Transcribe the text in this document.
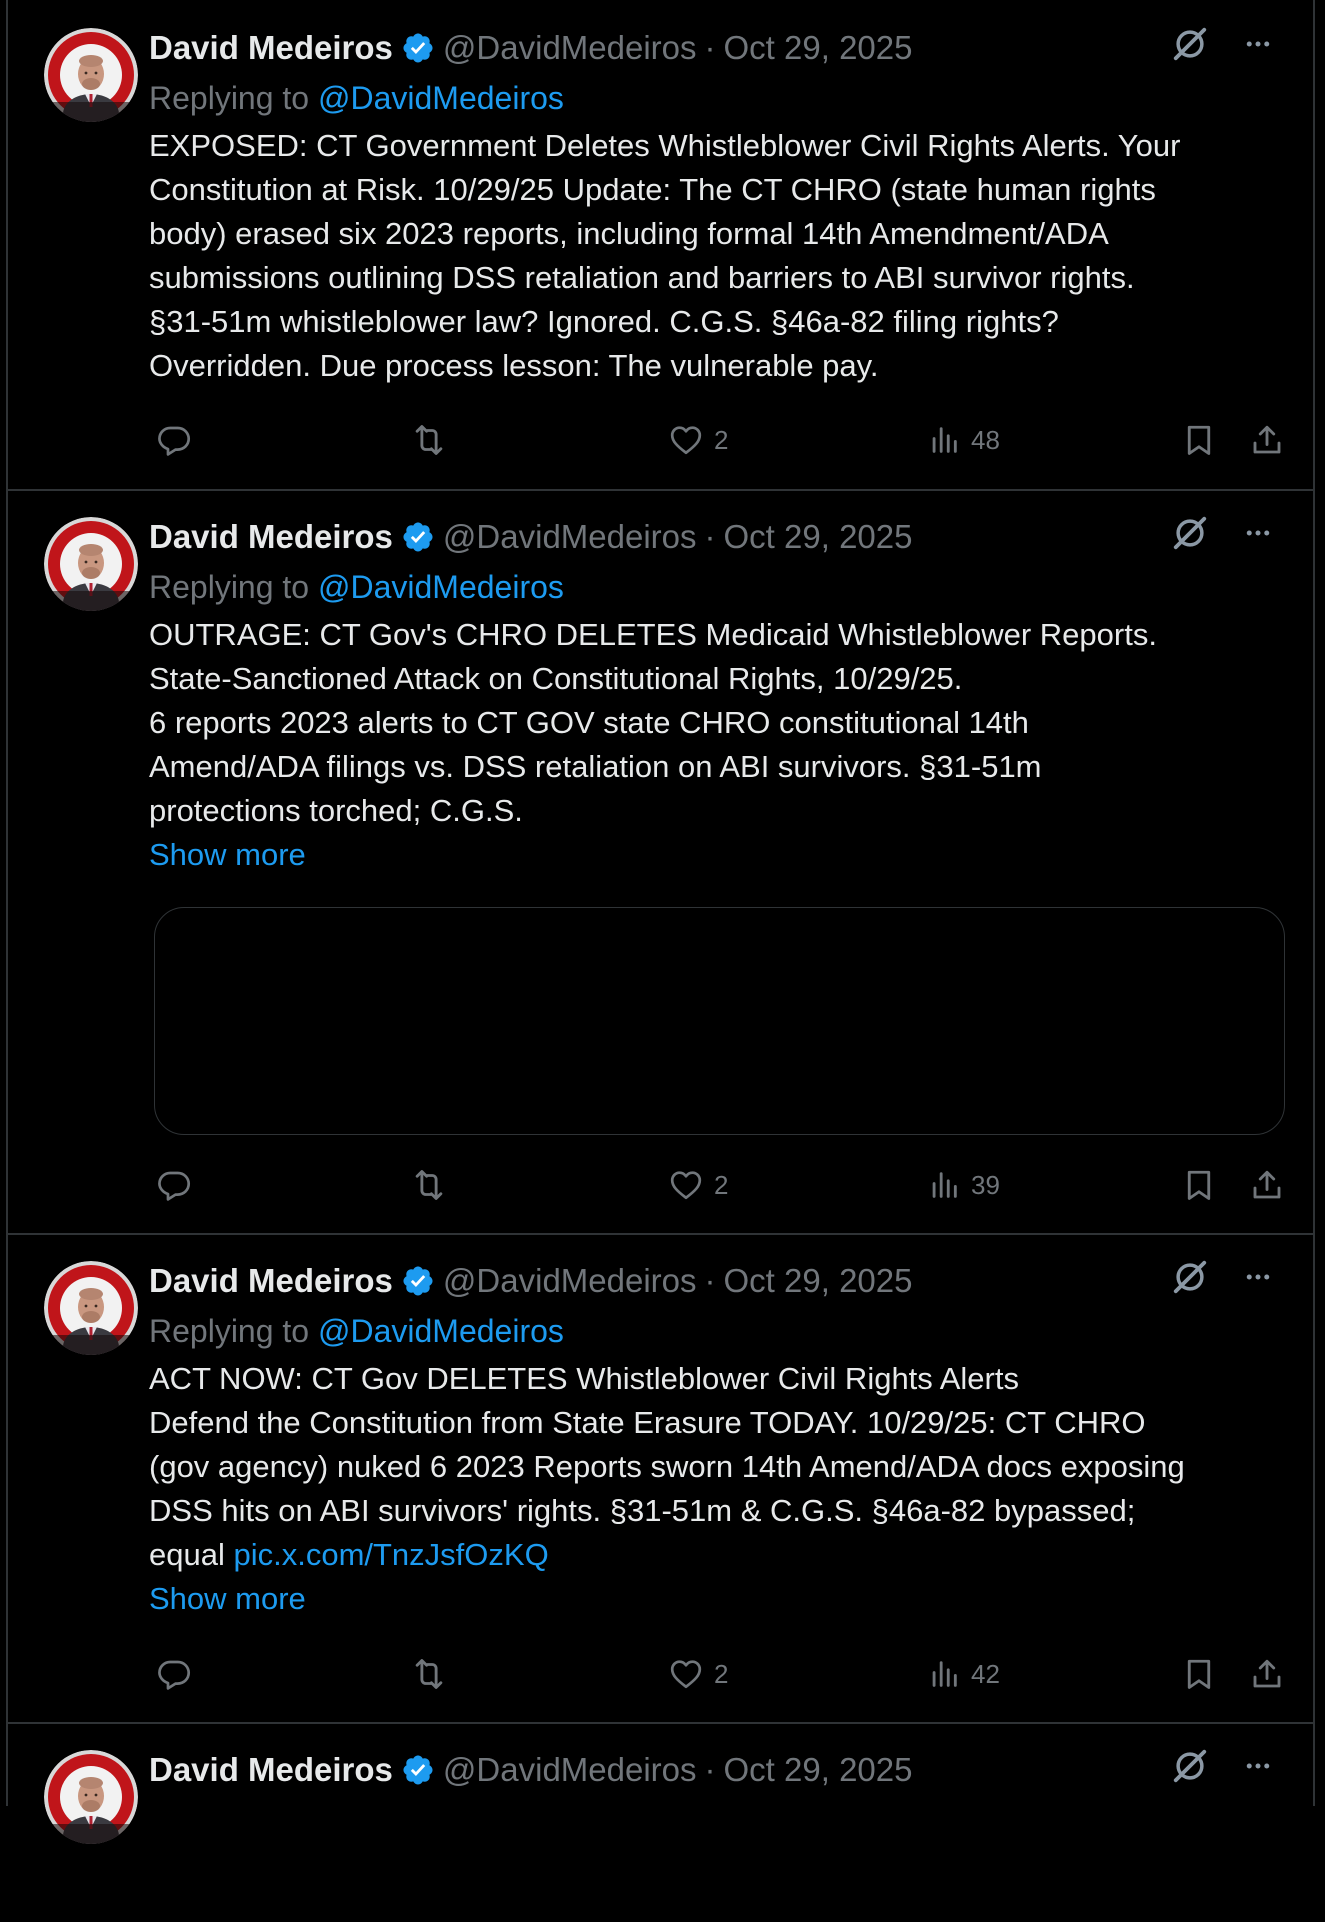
David Medeiros @DavidMedeiros · Oct 29, 2025
Replying to @DavidMedeiros

EXPOSED: CT Government Deletes Whistleblower Civil Rights Alerts. Your

Constitution at Risk. 10/29/25 Update: The CT CHRO (state human rights

body) erased six 2023 reports, including formal 14th Amendment/ADA

submissions outlining DSS retaliation and barriers to ABI survivor rights.

§31-51m whistleblower law? Ignored. C.G.S. §46a-82 filing rights?

Overridden. Due process lesson: The vulnerable pay.

2	48
David Medeiros @DavidMedeiros · Oct 29, 2025
Replying to @DavidMedeiros

OUTRAGE: CT Gov's CHRO DELETES Medicaid Whistleblower Reports.

State-Sanctioned Attack on Constitutional Rights, 10/29/25.

6 reports 2023 alerts to CT GOV state CHRO constitutional 14th

Amend/ADA filings vs. DSS retaliation on ABI survivors. §31-51m

protections torched; C.G.S.

Show more
2	39
David Medeiros @DavidMedeiros · Oct 29, 2025
Replying to @DavidMedeiros

ACT NOW: CT Gov DELETES Whistleblower Civil Rights Alerts

Defend the Constitution from State Erasure TODAY. 10/29/25: CT CHRO

(gov agency) nuked 6 2023 Reports sworn 14th Amend/ADA docs exposing

DSS hits on ABI survivors' rights. §31-51m & C.G.S. §46a-82 bypassed;

equal pic.x.com/TnzJsfOzKQ

Show more
2	42
David Medeiros @DavidMedeiros · Oct 29, 2025
